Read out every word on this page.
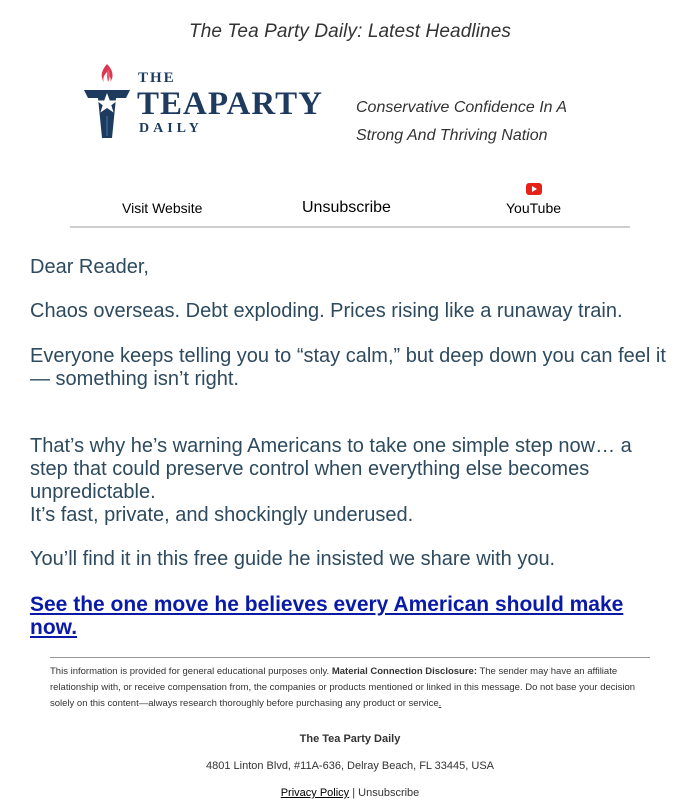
The Tea Party Daily: Latest Headlines
THE
TEAPARTY
DAILY
Conservative Confidence In A Strong And Thriving Nation
Visit Website	Unsubscribe	YouTube

Dear Reader,

Chaos overseas. Debt exploding. Prices rising like a runaway train.

Everyone keeps telling you to “stay calm,” but deep down you can feel it — something isn’t right.

That’s why he’s warning Americans to take one simple step now… a step that could preserve control when everything else becomes unpredictable.

It’s fast, private, and shockingly underused.

You’ll find it in this free guide he insisted we share with you.

See the one move he believes every American should make now.

This information is provided for general educational purposes only. Material Connection Disclosure: The sender may have an affiliate relationship with, or receive compensation from, the companies or products mentioned or linked in this message. Do not base your decision solely on this content—always research thoroughly before purchasing any product or service.

The Tea Party Daily
4801 Linton Blvd, #11A-636, Delray Beach, FL 33445, USA
Privacy Policy | Unsubscribe
